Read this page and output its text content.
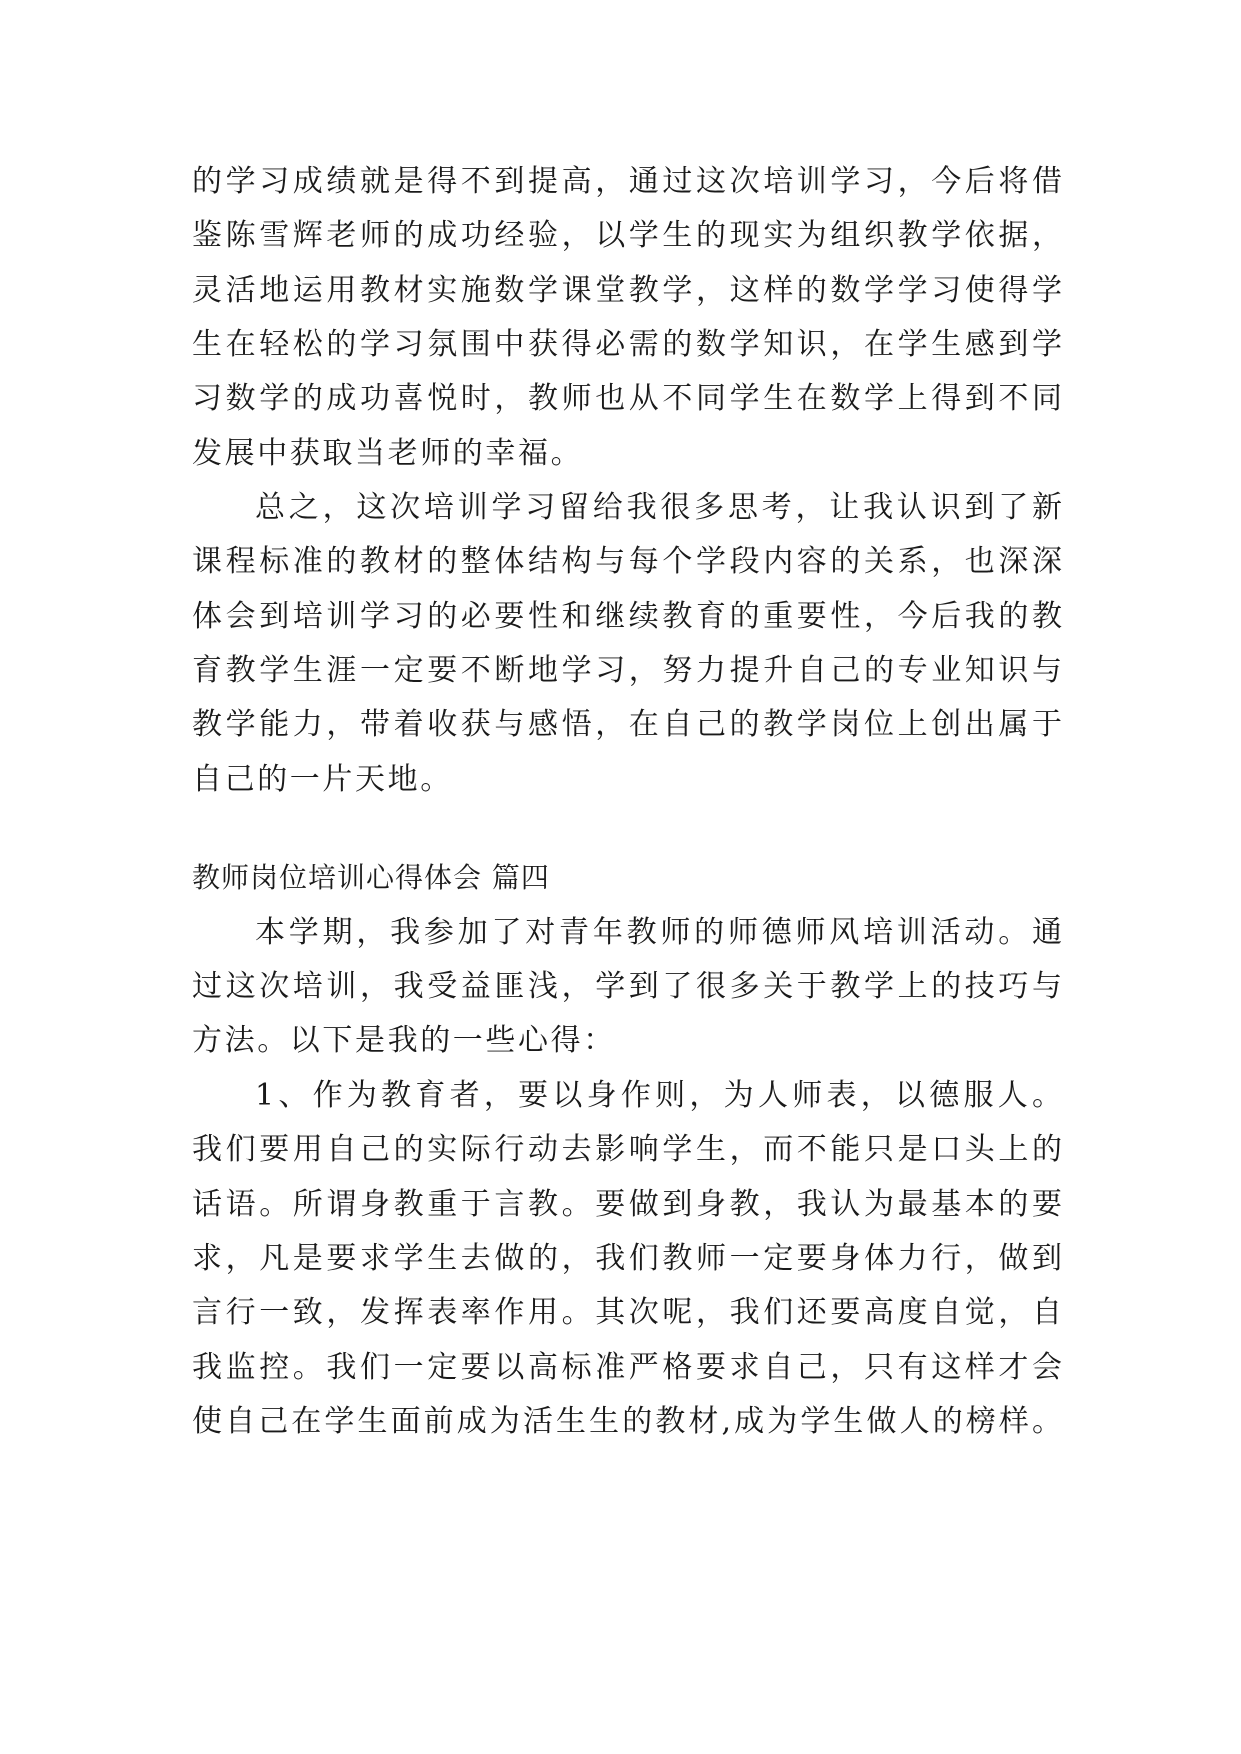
的学习成绩就是得不到提高，通过这次培训学习，今后将借
鉴陈雪辉老师的成功经验，以学生的现实为组织教学依据，
灵活地运用教材实施数学课堂教学，这样的数学学习使得学
生在轻松的学习氛围中获得必需的数学知识，在学生感到学
习数学的成功喜悦时，教师也从不同学生在数学上得到不同
发展中获取当老师的幸福。
总之，这次培训学习留给我很多思考，让我认识到了新
课程标准的教材的整体结构与每个学段内容的关系，也深深
体会到培训学习的必要性和继续教育的重要性，今后我的教
育教学生涯一定要不断地学习，努力提升自己的专业知识与
教学能力，带着收获与感悟，在自己的教学岗位上创出属于
自己的一片天地。
教师岗位培训心得体会 篇四
本学期，我参加了对青年教师的师德师风培训活动。通
过这次培训，我受益匪浅，学到了很多关于教学上的技巧与
方法。以下是我的一些心得：
1、作为教育者，要以身作则，为人师表，以德服人。
我们要用自己的实际行动去影响学生，而不能只是口头上的
话语。所谓身教重于言教。要做到身教，我认为最基本的要
求，凡是要求学生去做的，我们教师一定要身体力行，做到
言行一致，发挥表率作用。其次呢，我们还要高度自觉，自
我监控。我们一定要以高标准严格要求自己，只有这样才会
使自己在学生面前成为活生生的教材,成为学生做人的榜样。
